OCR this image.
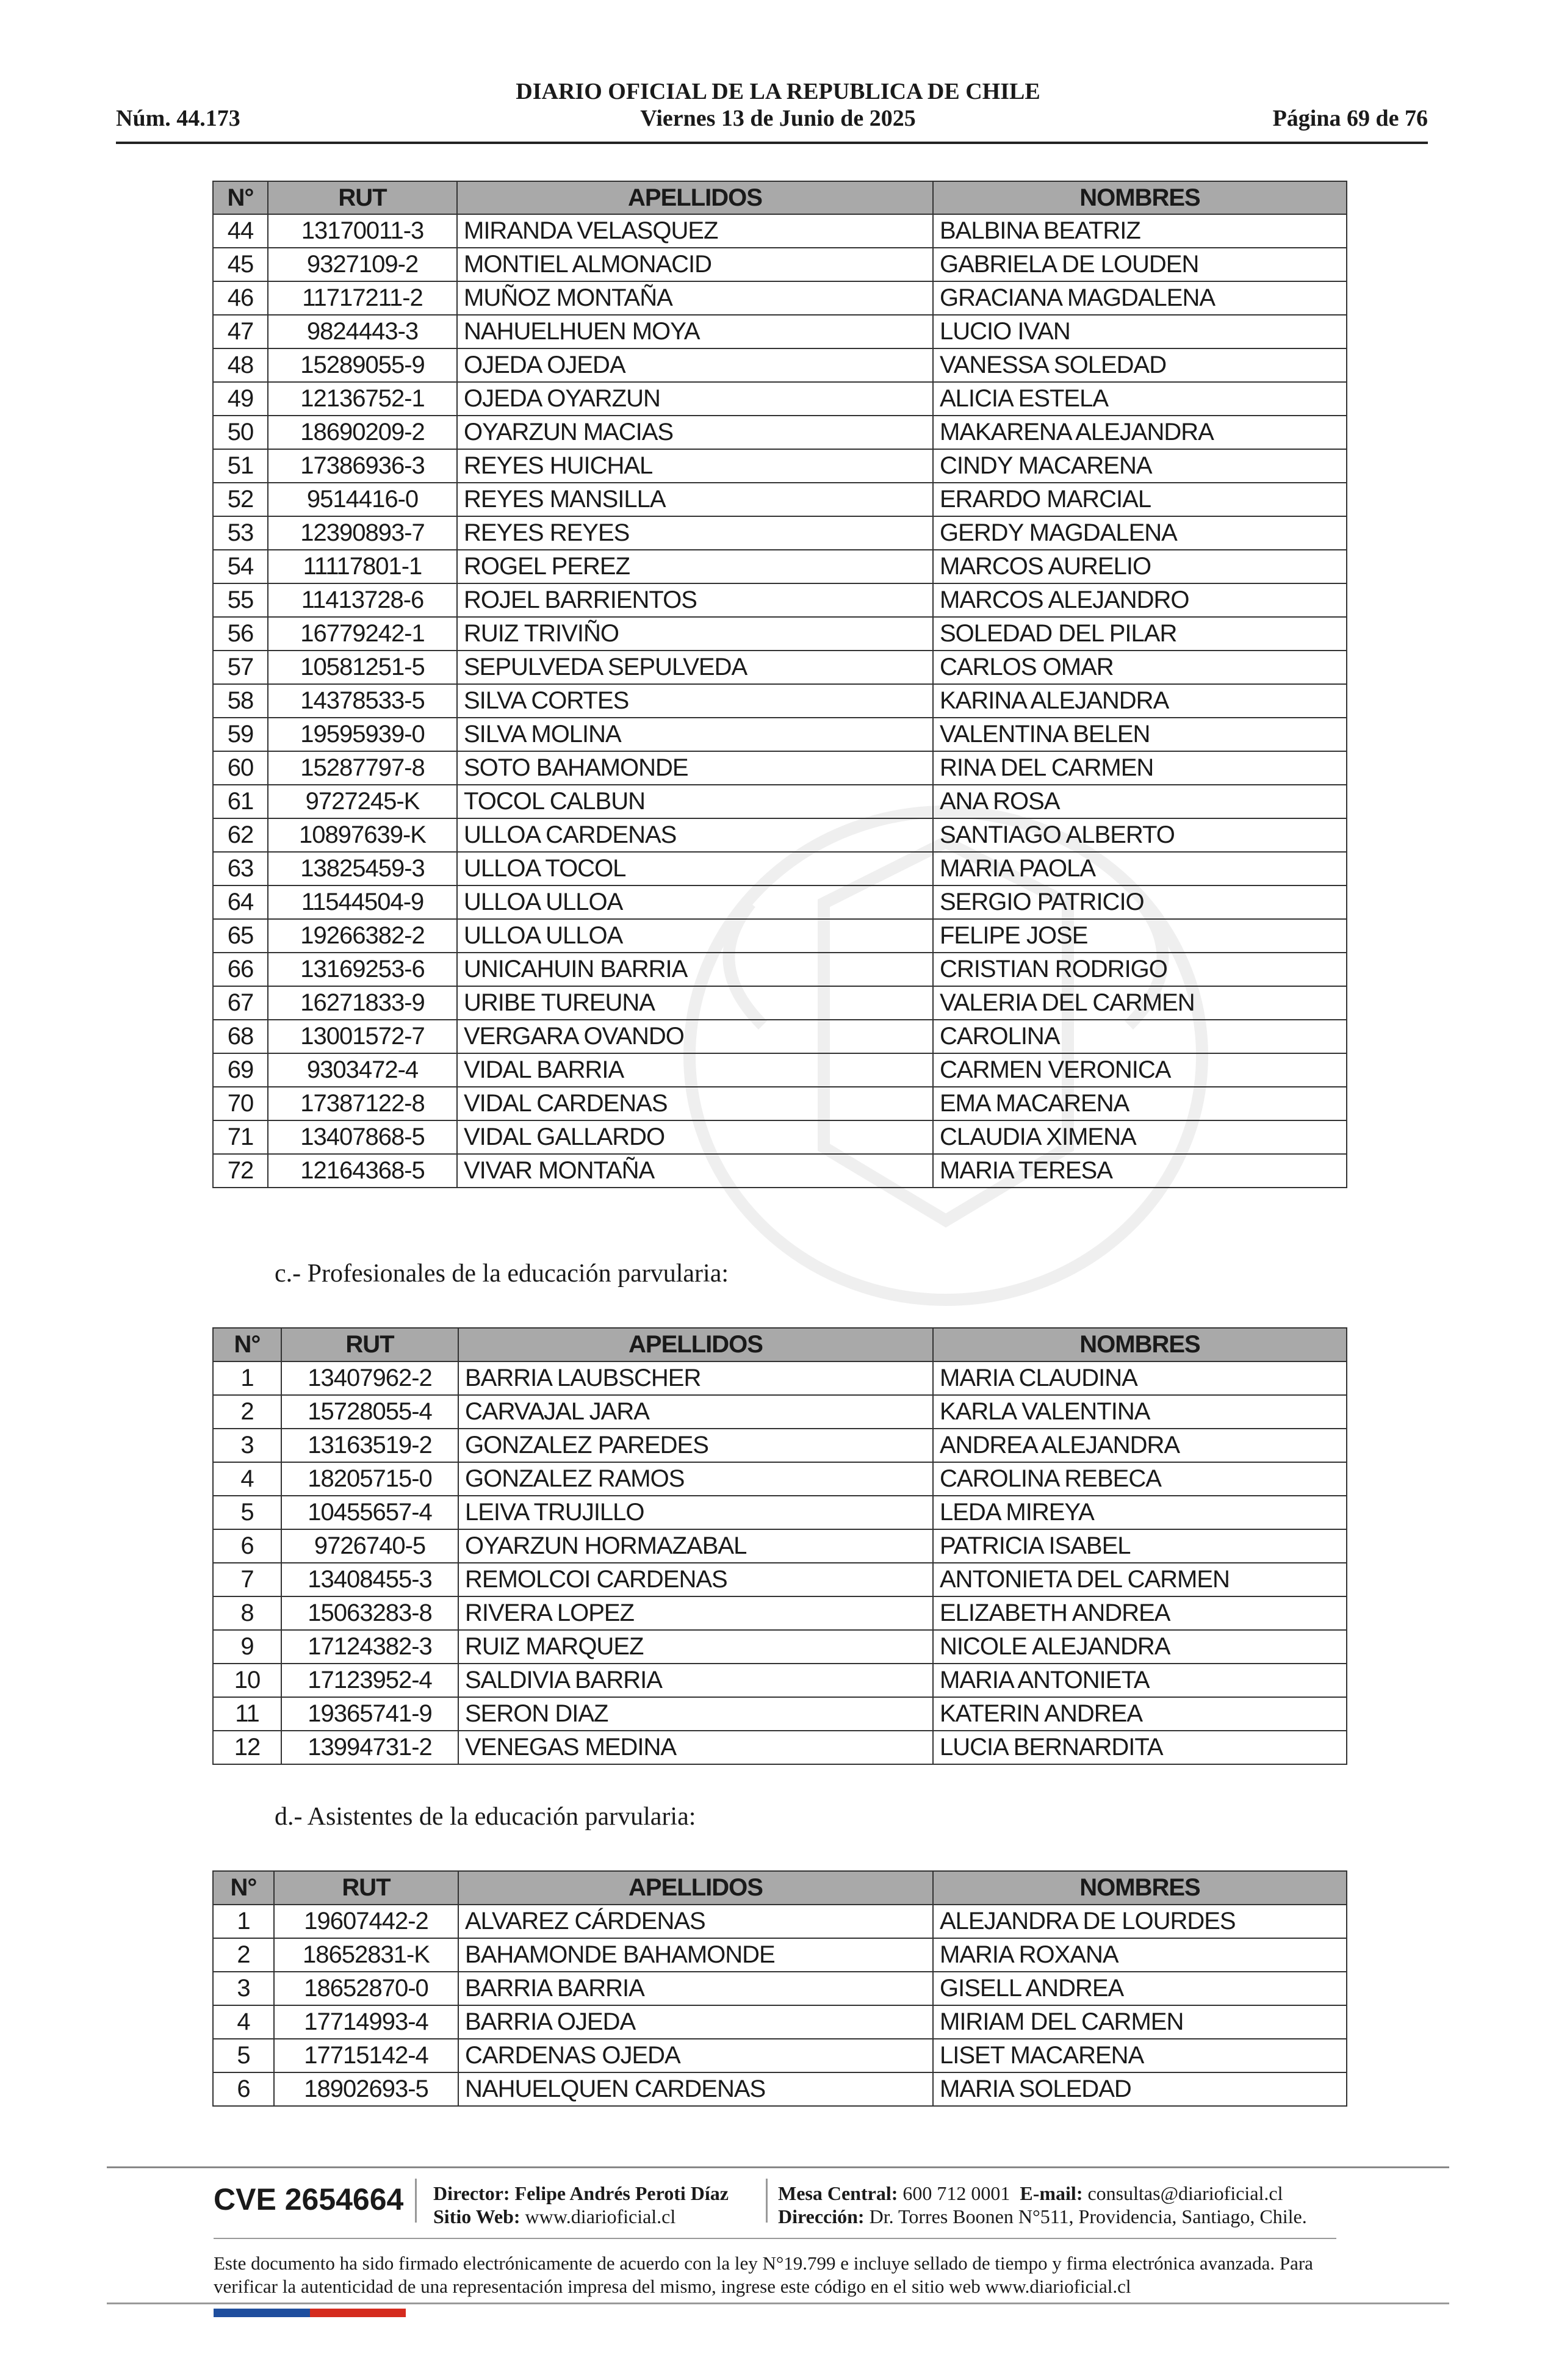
DIARIO OFICIAL DE LA REPUBLICA DE CHILE
Núm. 44.173	Viernes 13 de Junio de 2025	Página 69 de 76
N°	RUT	APELLIDOS	NOMBRES
44	13170011-3	MIRANDA VELASQUEZ	BALBINA BEATRIZ
45	9327109-2	MONTIEL ALMONACID	GABRIELA DE LOUDEN
46	11717211-2	MUÑOZ MONTAÑA	GRACIANA MAGDALENA
47	9824443-3	NAHUELHUEN MOYA	LUCIO IVAN
48	15289055-9	OJEDA OJEDA	VANESSA SOLEDAD
49	12136752-1	OJEDA OYARZUN	ALICIA ESTELA
50	18690209-2	OYARZUN MACIAS	MAKARENA ALEJANDRA
51	17386936-3	REYES HUICHAL	CINDY MACARENA
52	9514416-0	REYES MANSILLA	ERARDO MARCIAL
53	12390893-7	REYES REYES	GERDY MAGDALENA
54	11117801-1	ROGEL PEREZ	MARCOS AURELIO
55	11413728-6	ROJEL BARRIENTOS	MARCOS ALEJANDRO
56	16779242-1	RUIZ TRIVIÑO	SOLEDAD DEL PILAR
57	10581251-5	SEPULVEDA SEPULVEDA	CARLOS OMAR
58	14378533-5	SILVA CORTES	KARINA ALEJANDRA
59	19595939-0	SILVA MOLINA	VALENTINA BELEN
60	15287797-8	SOTO BAHAMONDE	RINA DEL CARMEN
61	9727245-K	TOCOL CALBUN	ANA ROSA
62	10897639-K	ULLOA CARDENAS	SANTIAGO ALBERTO
63	13825459-3	ULLOA TOCOL	MARIA PAOLA
64	11544504-9	ULLOA ULLOA	SERGIO PATRICIO
65	19266382-2	ULLOA ULLOA	FELIPE JOSE
66	13169253-6	UNICAHUIN BARRIA	CRISTIAN RODRIGO
67	16271833-9	URIBE TUREUNA	VALERIA DEL CARMEN
68	13001572-7	VERGARA OVANDO	CAROLINA
69	9303472-4	VIDAL BARRIA	CARMEN VERONICA
70	17387122-8	VIDAL CARDENAS	EMA MACARENA
71	13407868-5	VIDAL GALLARDO	CLAUDIA XIMENA
72	12164368-5	VIVAR MONTAÑA	MARIA TERESA
c.- Profesionales de la educación parvularia:
N°	RUT	APELLIDOS	NOMBRES
1	13407962-2	BARRIA LAUBSCHER	MARIA CLAUDINA
2	15728055-4	CARVAJAL JARA	KARLA VALENTINA
3	13163519-2	GONZALEZ PAREDES	ANDREA ALEJANDRA
4	18205715-0	GONZALEZ RAMOS	CAROLINA REBECA
5	10455657-4	LEIVA TRUJILLO	LEDA MIREYA
6	9726740-5	OYARZUN HORMAZABAL	PATRICIA ISABEL
7	13408455-3	REMOLCOI CARDENAS	ANTONIETA DEL CARMEN
8	15063283-8	RIVERA LOPEZ	ELIZABETH ANDREA
9	17124382-3	RUIZ MARQUEZ	NICOLE ALEJANDRA
10	17123952-4	SALDIVIA BARRIA	MARIA ANTONIETA
11	19365741-9	SERON DIAZ	KATERIN ANDREA
12	13994731-2	VENEGAS MEDINA	LUCIA BERNARDITA
d.- Asistentes de la educación parvularia:
N°	RUT	APELLIDOS	NOMBRES
1	19607442-2	ALVAREZ CÁRDENAS	ALEJANDRA DE LOURDES
2	18652831-K	BAHAMONDE BAHAMONDE	MARIA ROXANA
3	18652870-0	BARRIA BARRIA	GISELL ANDREA
4	17714993-4	BARRIA OJEDA	MIRIAM DEL CARMEN
5	17715142-4	CARDENAS OJEDA	LISET MACARENA
6	18902693-5	NAHUELQUEN CARDENAS	MARIA SOLEDAD
CVE 2654664 Director: Felipe Andrés Peroti Díaz
Sitio Web: www.diarioficial.cl
Mesa Central: 600 712 0001 E-mail: consultas@diarioficial.cl
Dirección: Dr. Torres Boonen N°511, Providencia, Santiago, Chile.
Este documento ha sido firmado electrónicamente de acuerdo con la ley N°19.799 e incluye sellado de tiempo y firma electrónica avanzada. Para verificar la autenticidad de una representación impresa del mismo, ingrese este código en el sitio web www.diarioficial.cl
